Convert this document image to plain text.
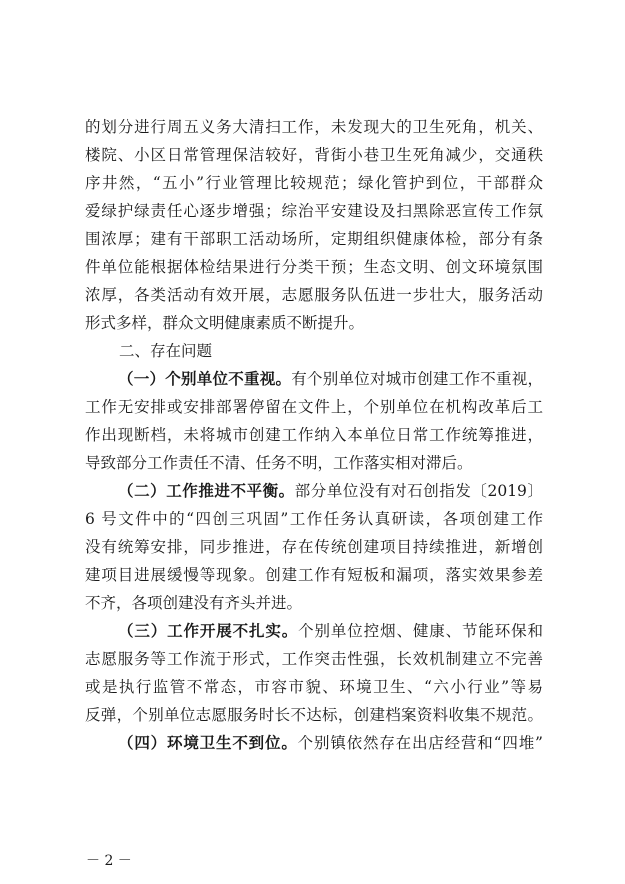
的划分进行周五义务大清扫工作，未发现大的卫生死角，机关、
楼院、小区日常管理保洁较好，背街小巷卫生死角减少，交通秩
序井然，“五小”行业管理比较规范；绿化管护到位，干部群众
爱绿护绿责任心逐步增强；综治平安建设及扫黑除恶宣传工作氛
围浓厚；建有干部职工活动场所，定期组织健康体检，部分有条
件单位能根据体检结果进行分类干预；生态文明、创文环境氛围
浓厚，各类活动有效开展，志愿服务队伍进一步壮大，服务活动
形式多样，群众文明健康素质不断提升。
二、存在问题
（一）个别单位不重视。有个别单位对城市创建工作不重视，
工作无安排或安排部署停留在文件上，个别单位在机构改革后工
作出现断档，未将城市创建工作纳入本单位日常工作统筹推进，
导致部分工作责任不清、任务不明，工作落实相对滞后。
（二）工作推进不平衡。部分单位没有对石创指发〔2019〕
6 号文件中的“四创三巩固”工作任务认真研读，各项创建工作
没有统筹安排，同步推进，存在传统创建项目持续推进，新增创
建项目进展缓慢等现象。创建工作有短板和漏项，落实效果参差
不齐，各项创建没有齐头并进。
（三）工作开展不扎实。个别单位控烟、健康、节能环保和
志愿服务等工作流于形式，工作突击性强，长效机制建立不完善
或是执行监管不常态，市容市貌、环境卫生、“六小行业”等易
反弹，个别单位志愿服务时长不达标，创建档案资料收集不规范。
（四）环境卫生不到位。个别镇依然存在出店经营和“四堆”
－ 2 －
